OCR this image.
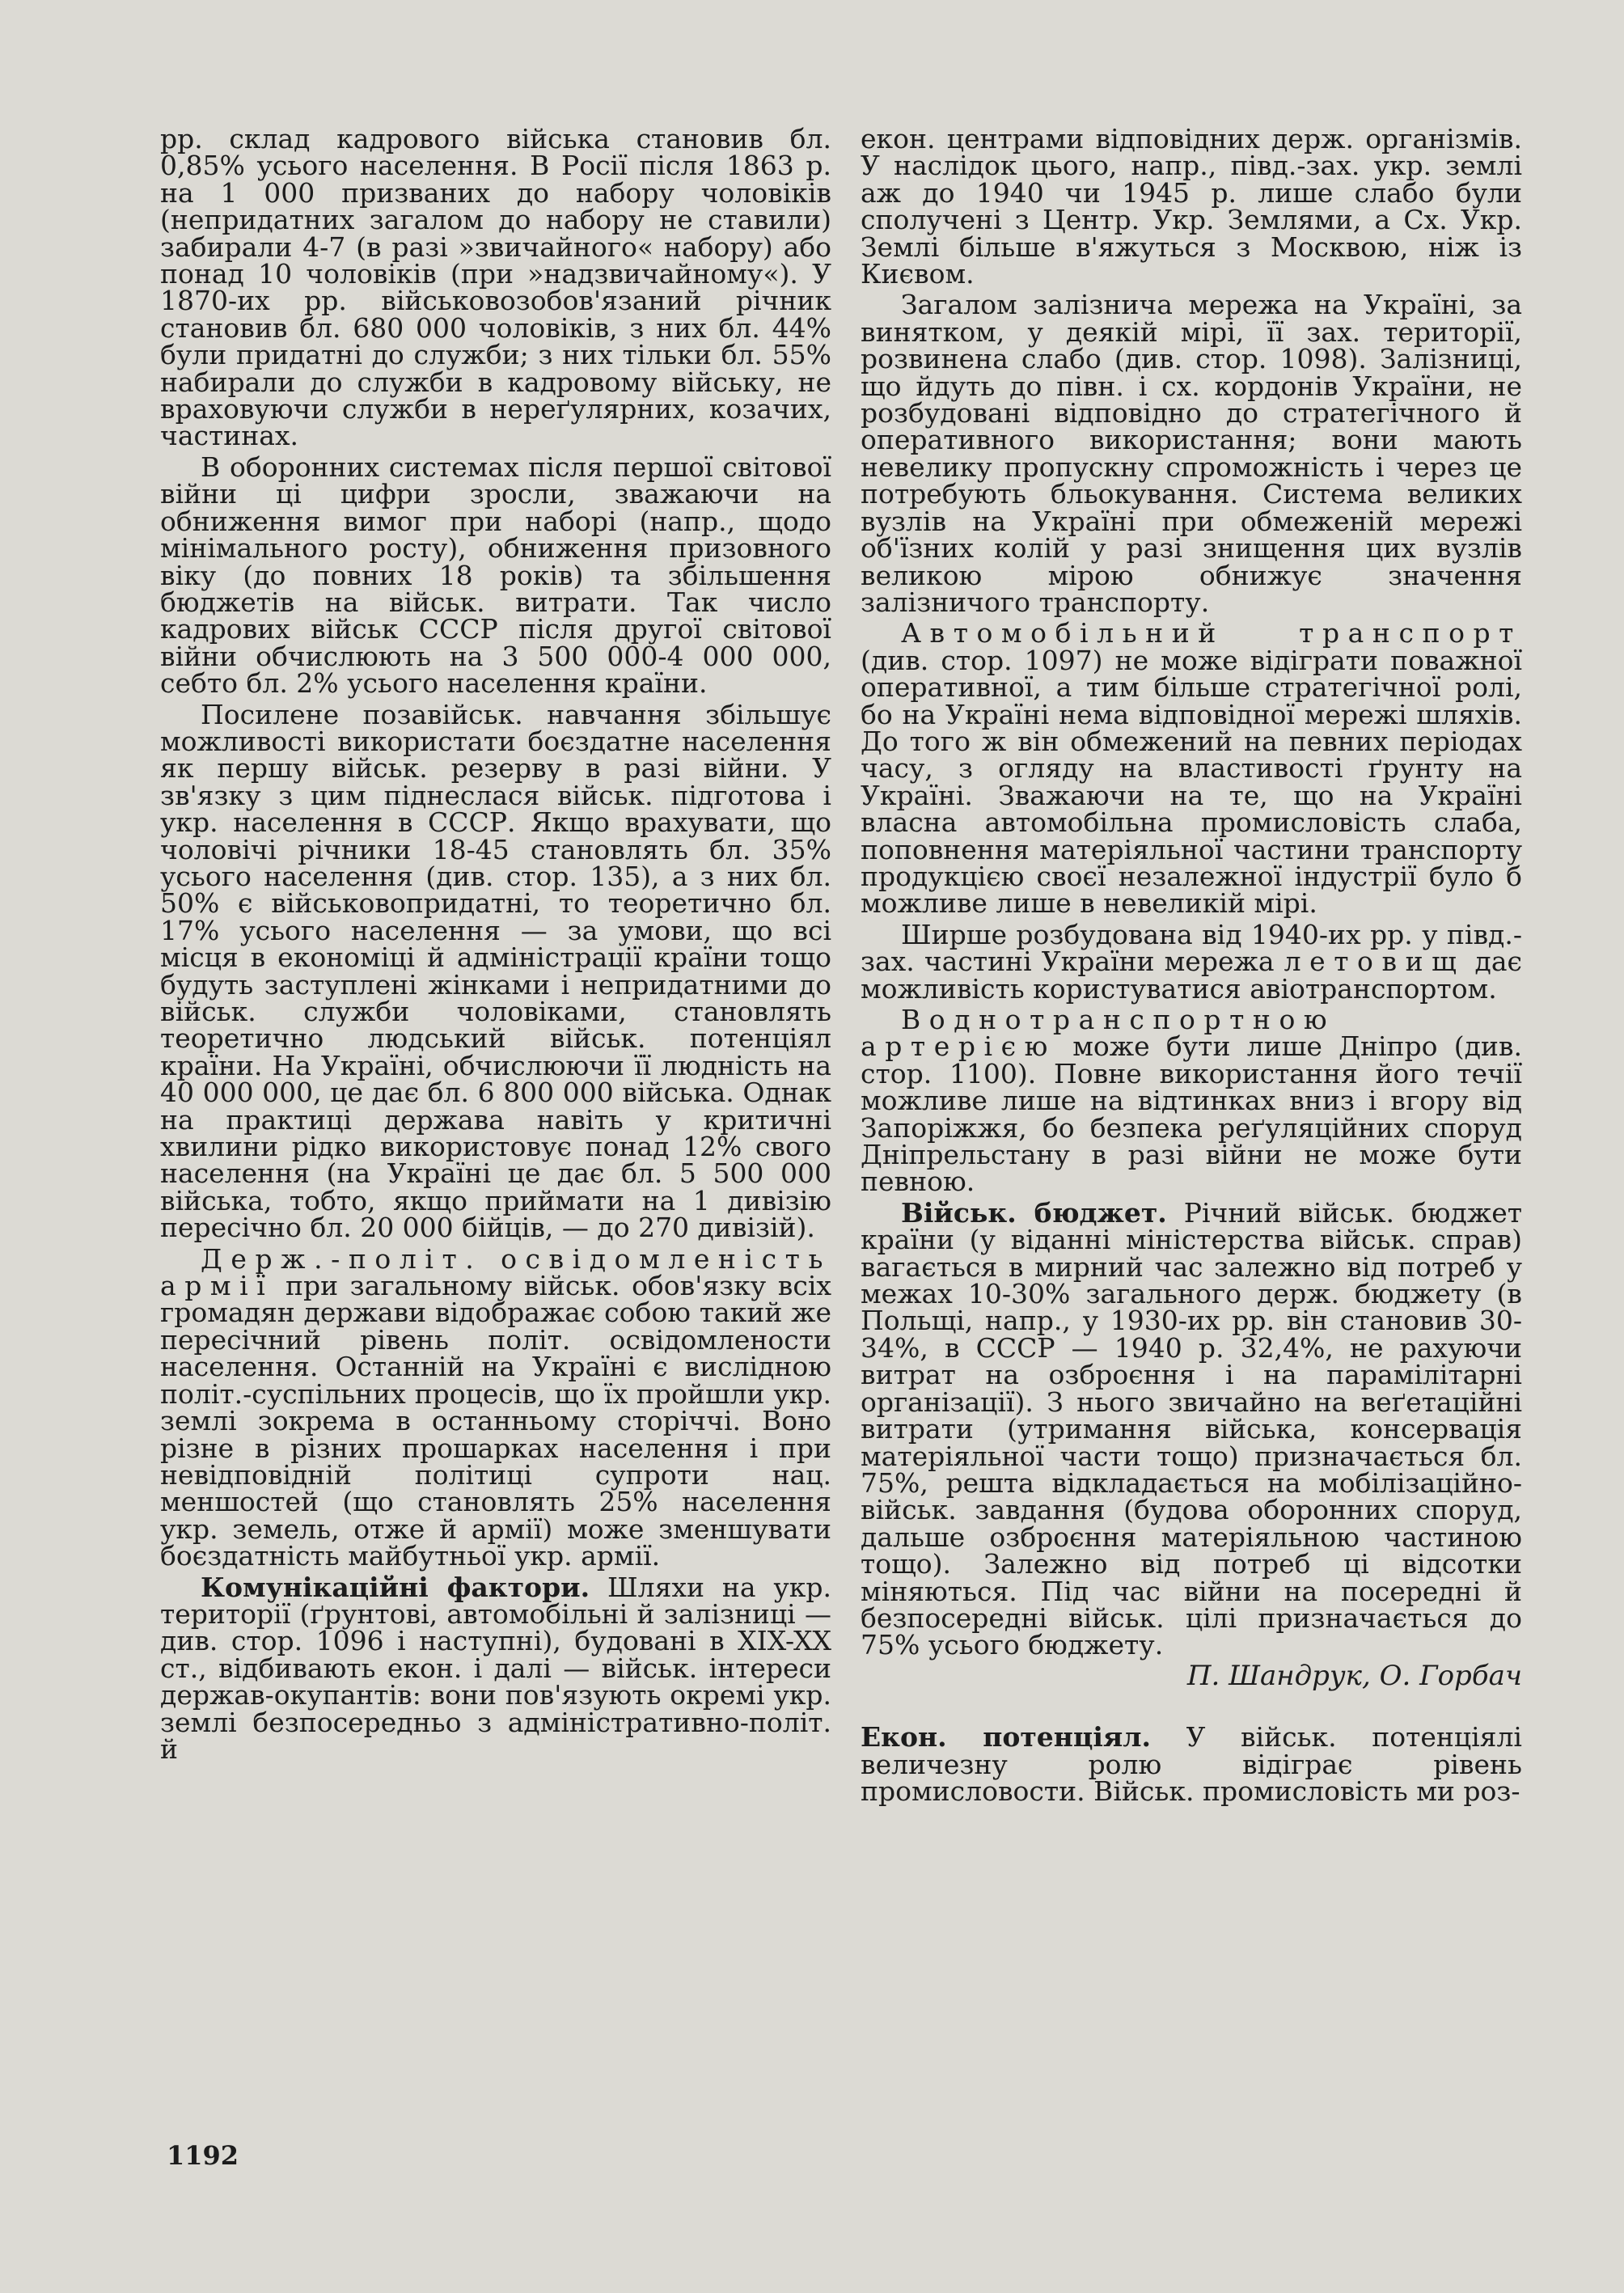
рр. склад кадрового війська становив бл. 0,85% усього населення. В Росії після 1863 р. на 1 000 призваних до набору чоловіків (непридатних загалом до набору не ставили) забирали 4-7 (в разі »звичайного« набору) або понад 10 чоловіків (при »надзвичайному«). У 1870-их рр. військовозобов'язаний річник становив бл. 680 000 чоловіків, з них бл. 44% були придатні до служби; з них тільки бл. 55% набирали до служби в кадровому війську, не враховуючи служби в нереґулярних, козачих, частинах.

В оборонних системах після першої світової війни ці цифри зросли, зважаючи на обниження вимог при наборі (напр., щодо мінімального росту), обниження призовного віку (до повних 18 років) та збільшення бюджетів на військ. витрати. Так число кадрових військ СССР після другої світової війни обчислюють на 3 500 000-4 000 000, себто бл. 2% усього населення країни.

Посилене позавійськ. навчання збільшує можливості використати боєздатне населення як першу військ. резерву в разі війни. У зв'язку з цим піднеслася військ. підготова і укр. населення в СССР. Якщо врахувати, що чоловічі річники 18-45 становлять бл. 35% усього населення (див. стор. 135), а з них бл. 50% є військовопридатні, то теоретично бл. 17% усього населення — за умови, що всі місця в економіці й адміністрації країни тощо будуть заступлені жінками і непридатними до військ. служби чоловіками, становлять теоретично людський військ. потенціял країни. На Україні, обчислюючи її людність на 40 000 000, це дає бл. 6 800 000 війська. Однак на практиці держава навіть у критичні хвилини рідко використовує понад 12% свого населення (на Україні це дає бл. 5 500 000 війська, тобто, якщо приймати на 1 дивізію пересічно бл. 20 000 бійців, — до 270 дивізій).

Держ.-політ. освідомленість армії при загальному військ. обов'язку всіх громадян держави відображає собою такий же пересічний рівень політ. освідомлености населення. Останній на Україні є вислідною політ.-суспільних процесів, що їх пройшли укр. землі зокрема в останньому сторіччі. Воно різне в різних прошарках населення і при невідповідній політиці супроти нац. меншостей (що становлять 25% населення укр. земель, отже й армії) може зменшувати боєздатність майбутньої укр. армії.

Комунікаційні фактори. Шляхи на укр. території (ґрунтові, автомобільні й залізниці — див. стор. 1096 і наступні), будовані в XIX-XX ст., відбивають екон. і далі — військ. інтереси держав-окупантів: вони пов'язують окремі укр. землі безпосередньо з адміністративно-політ. й

екон. центрами відповідних держ. організмів. У наслідок цього, напр., півд.-зах. укр. землі аж до 1940 чи 1945 р. лише слабо були сполучені з Центр. Укр. Землями, а Сх. Укр. Землі більше в'яжуться з Москвою, ніж із Києвом.

Загалом залізнича мережа на Україні, за винятком, у деякій мірі, її зах. території, розвинена слабо (див. стор. 1098). Залізниці, що йдуть до півн. і сх. кордонів України, не розбудовані відповідно до стратегічного й оперативного використання; вони мають невелику пропускну спроможність і через це потребують бльокування. Система великих вузлів на Україні при обмеженій мережі об'їзних колій у разі знищення цих вузлів великою мірою обнижує значення залізничого транспорту.

Автомобільний транспорт (див. стор. 1097) не може відіграти поважної оперативної, а тим більше стратегічної ролі, бо на Україні нема відповідної мережі шляхів. До того ж він обмежений на певних періодах часу, з огляду на властивості ґрунту на Україні. Зважаючи на те, що на Україні власна автомобільна промисловість слаба, поповнення матеріяльної частини транспорту продукцією своєї незалежної індустрії було б можливе лише в невеликій мірі.

Ширше розбудована від 1940-их рр. у півд.-зах. частині України мережа летовищ дає можливість користуватися авіотранспортом.

Воднотранспортною артерією може бути лише Дніпро (див. стор. 1100). Повне використання його течії можливе лише на відтинках вниз і вгору від Запоріжжя, бо безпека реґуляційних споруд Дніпрельстану в разі війни не може бути певною.

Військ. бюджет. Річний військ. бюджет країни (у віданні міністерства військ. справ) вагається в мирний час залежно від потреб у межах 10-30% загального держ. бюджету (в Польщі, напр., у 1930-их рр. він становив 30-34%, в СССР — 1940 р. 32,4%, не рахуючи витрат на озброєння і на парамілітарні організації). З нього звичайно на веґетаційні витрати (утримання війська, консервація матеріяльної части тощо) призначається бл. 75%, решта відкладається на мобілізаційно-військ. завдання (будова оборонних споруд, дальше озброєння матеріяльною частиною тощо). Залежно від потреб ці відсотки міняються. Під час війни на посередні й безпосередні військ. цілі призначається до 75% усього бюджету.

П. Шандрук, О. Горбач

Екон. потенціял. У військ. потенціялі величезну ролю відіграє рівень промисловости. Військ. промисловість ми роз-

1192
